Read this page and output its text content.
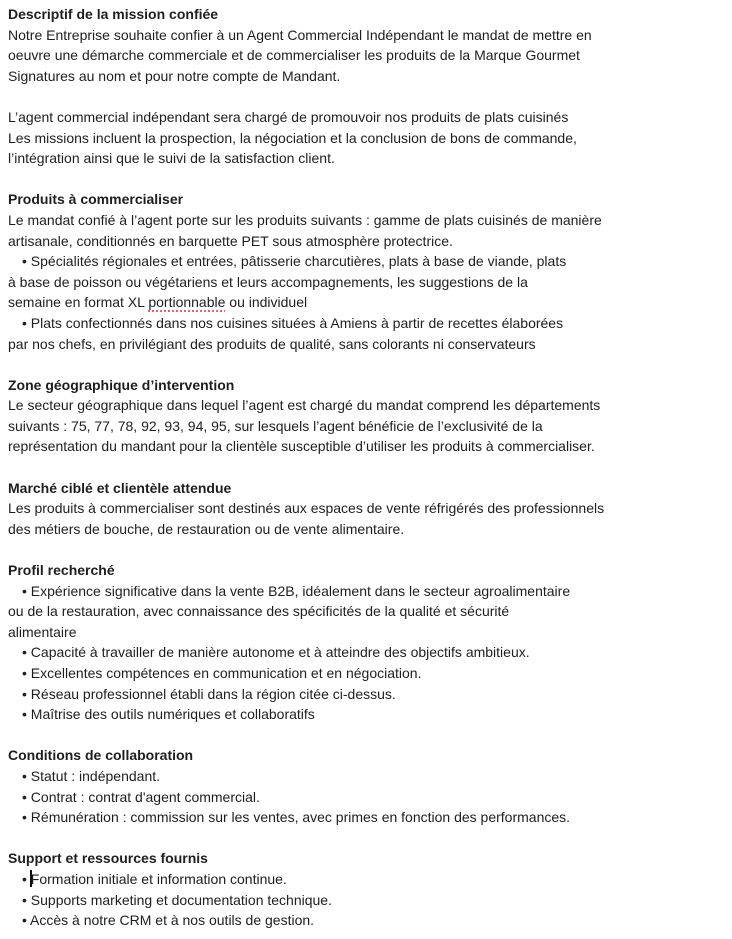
Descriptif de la mission confiée
Notre Entreprise souhaite confier à un Agent Commercial Indépendant le mandat de mettre en
oeuvre une démarche commerciale et de commercialiser les produits de la Marque Gourmet
Signatures au nom et pour notre compte de Mandant.
L’agent commercial indépendant sera chargé de promouvoir nos produits de plats cuisinés
Les missions incluent la prospection, la négociation et la conclusion de bons de commande,
l’intégration ainsi que le suivi de la satisfaction client.
Produits à commercialiser
Le mandat confié à l’agent porte sur les produits suivants : gamme de plats cuisinés de manière
artisanale, conditionnés en barquette PET sous atmosphère protectrice.
• Spécialités régionales et entrées, pâtisserie charcutières, plats à base de viande, plats
à base de poisson ou végétariens et leurs accompagnements, les suggestions de la
semaine en format XL portionnable ou individuel
• Plats confectionnés dans nos cuisines situées à Amiens à partir de recettes élaborées
par nos chefs, en privilégiant des produits de qualité, sans colorants ni conservateurs
Zone géographique d’intervention
Le secteur géographique dans lequel l’agent est chargé du mandat comprend les départements
suivants : 75, 77, 78, 92, 93, 94, 95, sur lesquels l’agent bénéficie de l’exclusivité de la
représentation du mandant pour la clientèle susceptible d’utiliser les produits à commercialiser.
Marché ciblé et clientèle attendue
Les produits à commercialiser sont destinés aux espaces de vente réfrigérés des professionnels
des métiers de bouche, de restauration ou de vente alimentaire.
Profil recherché
• Expérience significative dans la vente B2B, idéalement dans le secteur agroalimentaire
ou de la restauration, avec connaissance des spécificités de la qualité et sécurité
alimentaire
• Capacité à travailler de manière autonome et à atteindre des objectifs ambitieux.
• Excellentes compétences en communication et en négociation.
• Réseau professionnel établi dans la région citée ci-dessus.
• Maîtrise des outils numériques et collaboratifs
Conditions de collaboration
• Statut : indépendant.
• Contrat : contrat d'agent commercial.
• Rémunération : commission sur les ventes, avec primes en fonction des performances.
Support et ressources fournis
• Formation initiale et information continue.
• Supports marketing et documentation technique.
• Accès à notre CRM et à nos outils de gestion.
